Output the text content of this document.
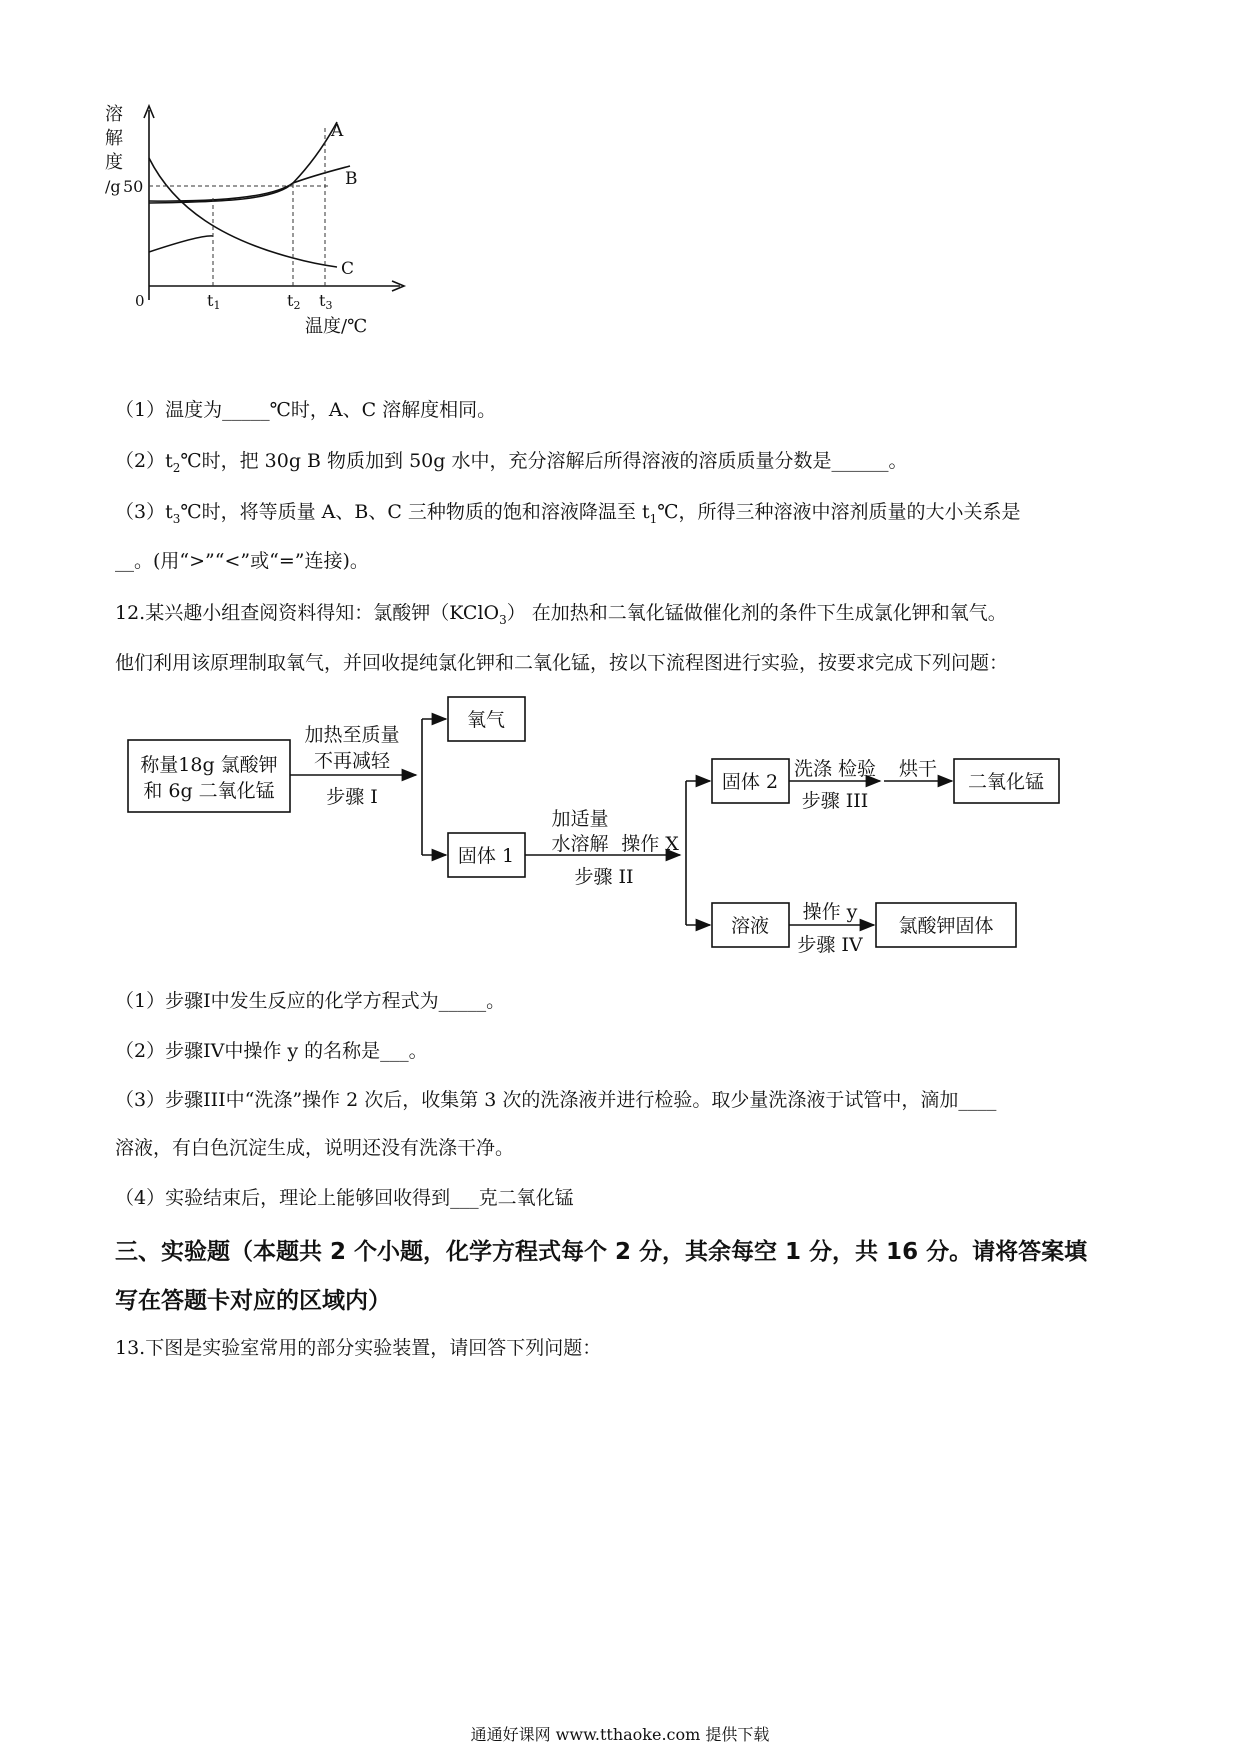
溶
解
度
/g 50
0	t1	t2 t3
温度/℃
A
B
C
（1）温度为_____℃时，A、C 溶解度相同。
$(2)t_2℃$时，把 30g B 物质加到 50g 水中，充分溶解后所得溶液的溶质质量分数是______。
$(3)t_3℃$时，将等质量 A、B、C 三种物质的饱和溶液降温至 $t_1℃$，所得三种溶液中溶剂质量的大小关系是
__。(用“>”“<”或“=”连接)。
12.某兴趣小组查阅资料得知：氯酸钾（KClO$_3$） 在加热和二氧化锰做催化剂的条件下生成氯化钾和氧气。
他们利用该原理制取氧气，并回收提纯氯化钾和二氧化锰，按以下流程图进行实验，按要求完成下列问题：
称量18g 氯酸钾
和 6g 二氧化锰
加热至质量
不再减轻
步骤 I
氧气
固体 1
加适量
水溶解 操作 X
步骤 II
固体 2
洗涤 检验 烘干
步骤 III
二氧化锰
溶液
操作 y
步骤 IV
氯酸钾固体
（1）步骤I中发生反应的化学方程式为_____。
（2）步骤IV中操作 y 的名称是___。
（3）步骤III中“洗涤”操作 2 次后，收集第 3 次的洗涤液并进行检验。取少量洗涤液于试管中，滴加____
溶液，有白色沉淀生成，说明还没有洗涤干净。
（4）实验结束后，理论上能够回收得到___克二氧化锰
三、实验题（本题共 2 个小题，化学方程式每个 2 分，其余每空 1 分，共 16 分。请将答案填
写在答题卡对应的区域内）
13.下图是实验室常用的部分实验装置，请回答下列问题：
通通好课网 www.tthaoke.com 提供下载
